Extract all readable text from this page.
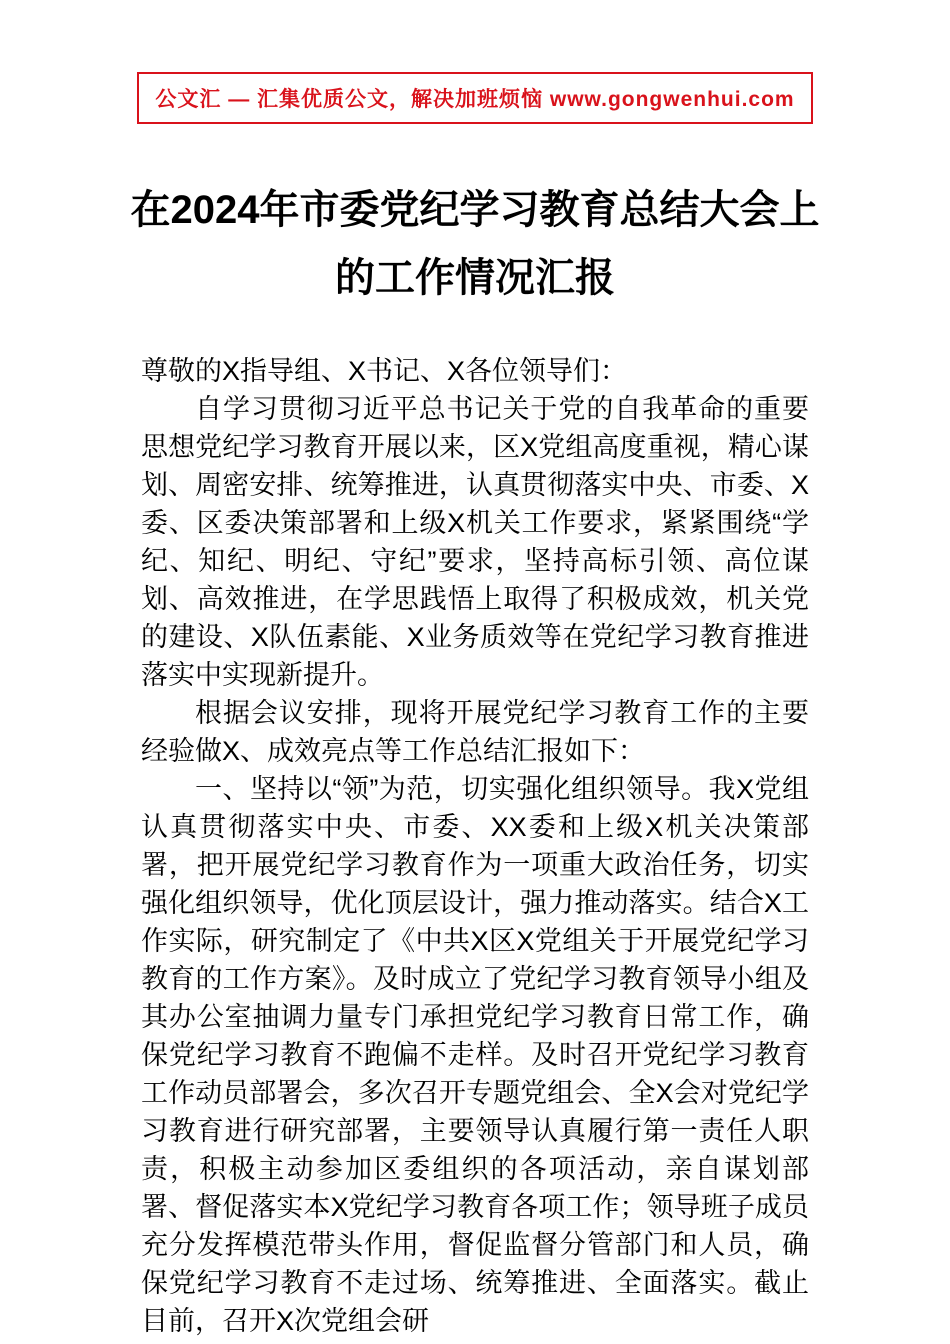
公文汇 — 汇集优质公文，解决加班烦恼 www.gongwenhui.com
在2024年市委党纪学习教育总结大会上的工作情况汇报

尊敬的X指导组、X书记、X各位领导们：

自学习贯彻习近平总书记关于党的自我革命的重要思想党纪学习教育开展以来，区X党组高度重视，精心谋划、周密安排、统筹推进，认真贯彻落实中央、市委、X委、区委决策部署和上级X机关工作要求，紧紧围绕“学纪、知纪、明纪、守纪”要求，坚持高标引领、高位谋划、高效推进，在学思践悟上取得了积极成效，机关党的建设、X队伍素能、X业务质效等在党纪学习教育推进落实中实现新提升。

根据会议安排，现将开展党纪学习教育工作的主要经验做X、成效亮点等工作总结汇报如下：

一、坚持以“领”为范，切实强化组织领导。我X党组认真贯彻落实中央、市委、XX委和上级X机关决策部署，把开展党纪学习教育作为一项重大政治任务，切实强化组织领导，优化顶层设计，强力推动落实。结合X工作实际，研究制定了《中共X区X党组关于开展党纪学习教育的工作方案》。及时成立了党纪学习教育领导小组及其办公室抽调力量专门承担党纪学习教育日常工作，确保党纪学习教育不跑偏不走样。及时召开党纪学习教育工作动员部署会，多次召开专题党组会、全X会对党纪学习教育进行研究部署，主要领导认真履行第一责任人职责，积极主动参加区委组织的各项活动，亲自谋划部署、督促落实本X党纪学习教育各项工作；领导班子成员充分发挥模范带头作用，督促监督分管部门和人员，确保党纪学习教育不走过场、统筹推进、全面落实。截止目前，召开X次党组会研
